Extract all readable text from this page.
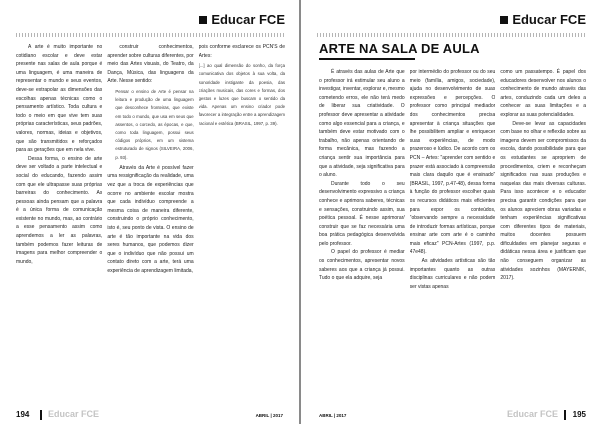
Educar FCE

A arte é muito importante no cotidiano escolar e deve estar presente nas salas de aula porque é uma linguagem, é uma maneira de representar o mundo e seus eventos, deve-se extrapolar as dimensões das escolhas apenas técnicas como o pensamento artístico. Toda cultura e todo o meio em que vive tem suas próprias características, seus padrões, valores, normas, ideias e objetivos, que são transmitidos e reforçados para as gerações que em nela vive.

Dessa forma, o ensino de arte deve ser voltado a parte intelectual e social do educando, fazendo assim com que ele ultrapasse suas próprias barreiras do conhecimento. As pessoas ainda pensam que a palavra é a única forma de comunicação existente no mundo, mas, ao contrário a esse pensamento assim como aprendemos a ler as palavras, também podemos fazer leituras de imagens para melhor compreender o mundo,

construir conhecimentos, aprender sobre culturas diferentes, por meio das Artes visuais, do Teatro, da Dança, Música, das linguagens da Arte. Nesse sentido:

Pensar o ensino de Arte é pensar na leitura e produção de uma linguagem que desconhece fronteiras, que existe em todo o mundo, que usa em seus que assentos, o corcedo, as épocas, e que, como toda linguagem, possui seus códigos próprios, em um sistema estruturado de signos (SILVEIRA, 2006, p. 93).

Através da Arte é possível fazer uma ressignificação da realidade, uma vez que a troca de experiências que ocorre no ambiente escolar mostra que cada indivíduo compreende a mesma coisa de maneira diferente, construindo o próprio conhecimento, isto é, seu ponto de vista. O ensino de arte é tão importante na vida dos seres humanos, que podemos dizer que o indivíduo que não possui um contato direto com a arte, terá uma experiência de aprendizagem limitada,

pois conforme esclarece os PCN'S de Artes:

[...] ao qual dimensão do sonho, da força comunicativa dos objetos à sua volta, da sonoridade instigante da poesia, das criações musicais, das cores e formas, dos gestos e luzes que buscam o sentido da vida. Apenas um ensino criador pode favorecer a integração entre a aprendizagem racional e estética (BRASIL, 1997, p. 39).
194 Educar FCE	ABRIL | 2017
Educar FCE
ARTE NA SALA DE AULA

É através das aulas de Arte que o professor irá estimular seu aluno a investigar, inventar, explorar e, mesmo cometendo erros, ele não terá medo de liberar sua criatividade. O professor deve apresentar a atividade como algo essencial para a criança, e também deve estar motivado com o trabalho, não apenas orientando de forma mecânica, mas fazendo a criança sentir sua importância para que a atividade, seja significativa para o aluno.

Durante todo o seu desenvolvimento expressivo a criança conhece e aprimora saberes, técnicas e sensações, construindo assim, sua poética pessoal. É nesse aprimorar/ construir que se faz necessária uma boa prática pedagógica desenvolvida pelo professor.

O papel do professor é mediar os conhecimentos, apresentar novos saberes aos que a criança já possui. Tudo o que ela adquire, seja

por intermédio do professor ou do seu meio (família, amigos, sociedade), ajuda no desenvolvimento de suas expressões e percepções. O professor como principal mediador dos conhecimentos precisa apresentar à criança situações que lhe possibilitem ampliar e enriquecer suas experiências, de modo prazeroso e lúdico. De acordo com os PCN – Artes: "aprender com sentido e prazer está associado à compreensão mais clara daquilo que é ensinado" (BRASIL, 1997, p.47-48), dessa forma à função do professor escolher quais os recursos didáticos mais eficientes para expor os conteúdos, "observando sempre a necessidade de introduzir formas artísticas, porque ensinar arte com arte é o caminho mais eficaz" PCN-Artes (1997, p.p. 47e48).

As atividades artísticas são tão importantes quanto as outras disciplinas curriculares e não podem ser vistas apenas

como um passatempo. É papel dos educadores desenvolver nos alunos o conhecimento de mundo através das artes, conduzindo cada um deles a conhecer as suas limitações e a explorar as suas potencialidades.

Deve-se levar as capacidades com base no olhar e reflexão sobre as imagens devem ser compromissos da escola, dando possibilidade para que os estudantes se apropriem de procedimentos, criem e reconheçam significados nas suas produções e naquelas das mais diversas culturas. Para isso acontecer e o educador precisa garantir condições para que os alunos apreciem obras variadas e tenham experiências significativas com diferentes tipos de materiais, muitos docentes possuem dificuldades em planejar seguras e didáticas nessa área e justificam que não conseguem organizar as atividades sozinhos (MAYERNIK, 2017).

ABRIL | 2017	Educar FCE 195
